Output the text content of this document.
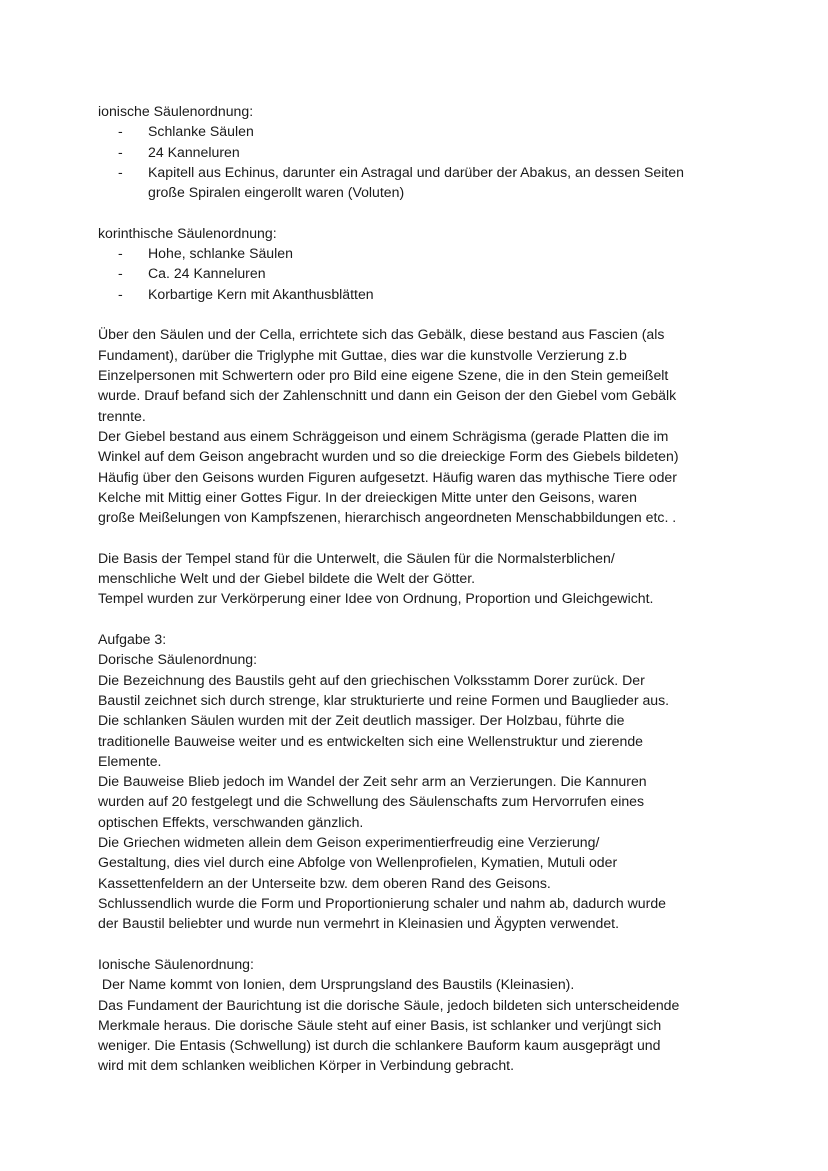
ionische Säulenordnung:
- Schlanke Säulen
- 24 Kanneluren
- Kapitell aus Echinus, darunter ein Astragal und darüber der Abakus, an dessen Seiten
große Spiralen eingerollt waren (Voluten)
korinthische Säulenordnung:
- Hohe, schlanke Säulen
- Ca. 24 Kanneluren
- Korbartige Kern mit Akanthusblätten
Über den Säulen und der Cella, errichtete sich das Gebälk, diese bestand aus Fascien (als
Fundament), darüber die Triglyphe mit Guttae, dies war die kunstvolle Verzierung z.b
Einzelpersonen mit Schwertern oder pro Bild eine eigene Szene, die in den Stein gemeißelt
wurde. Drauf befand sich der Zahlenschnitt und dann ein Geison der den Giebel vom Gebälk
trennte.
Der Giebel bestand aus einem Schräggeison und einem Schrägisma (gerade Platten die im
Winkel auf dem Geison angebracht wurden und so die dreieckige Form des Giebels bildeten)
Häufig über den Geisons wurden Figuren aufgesetzt. Häufig waren das mythische Tiere oder
Kelche mit Mittig einer Gottes Figur. In der dreieckigen Mitte unter den Geisons, waren
große Meißelungen von Kampfszenen, hierarchisch angeordneten Menschabbildungen etc. .
Die Basis der Tempel stand für die Unterwelt, die Säulen für die Normalsterblichen/
menschliche Welt und der Giebel bildete die Welt der Götter.
Tempel wurden zur Verkörperung einer Idee von Ordnung, Proportion und Gleichgewicht.
Aufgabe 3:
Dorische Säulenordnung:
Die Bezeichnung des Baustils geht auf den griechischen Volksstamm Dorer zurück. Der
Baustil zeichnet sich durch strenge, klar strukturierte und reine Formen und Bauglieder aus.
Die schlanken Säulen wurden mit der Zeit deutlich massiger. Der Holzbau, führte die
traditionelle Bauweise weiter und es entwickelten sich eine Wellenstruktur und zierende
Elemente.
Die Bauweise Blieb jedoch im Wandel der Zeit sehr arm an Verzierungen. Die Kannuren
wurden auf 20 festgelegt und die Schwellung des Säulenschafts zum Hervorrufen eines
optischen Effekts, verschwanden gänzlich.
Die Griechen widmeten allein dem Geison experimentierfreudig eine Verzierung/
Gestaltung, dies viel durch eine Abfolge von Wellenprofielen, Kymatien, Mutuli oder
Kassettenfeldern an der Unterseite bzw. dem oberen Rand des Geisons.
Schlussendlich wurde die Form und Proportionierung schaler und nahm ab, dadurch wurde
der Baustil beliebter und wurde nun vermehrt in Kleinasien und Ägypten verwendet.
Ionische Säulenordnung:
Der Name kommt von Ionien, dem Ursprungsland des Baustils (Kleinasien).
Das Fundament der Baurichtung ist die dorische Säule, jedoch bildeten sich unterscheidende
Merkmale heraus. Die dorische Säule steht auf einer Basis, ist schlanker und verjüngt sich
weniger. Die Entasis (Schwellung) ist durch die schlankere Bauform kaum ausgeprägt und
wird mit dem schlanken weiblichen Körper in Verbindung gebracht.
